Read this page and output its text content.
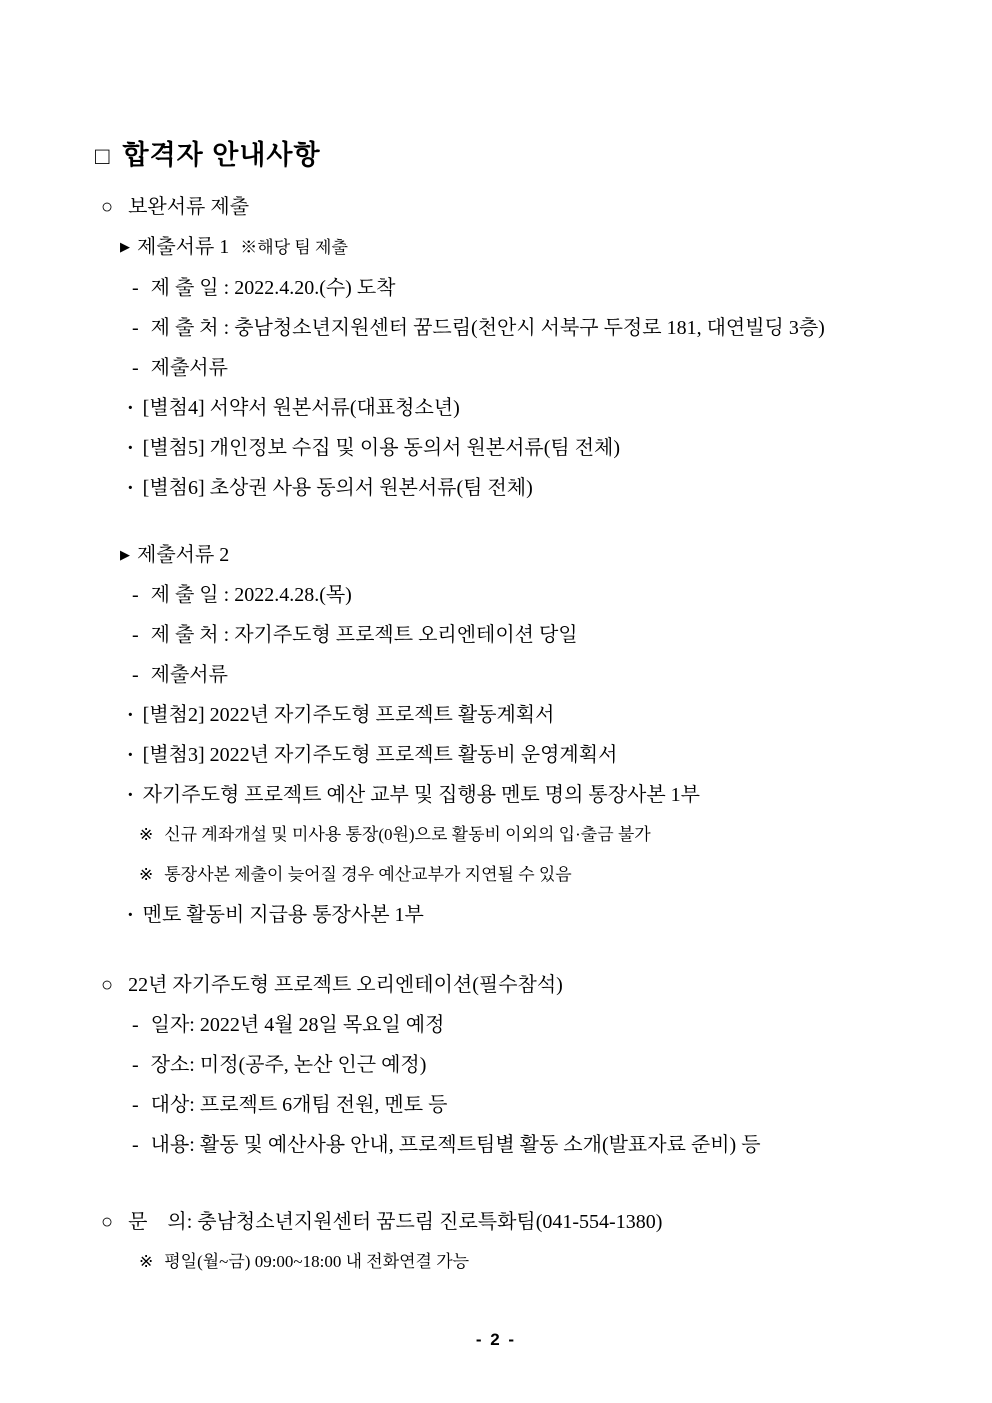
□ 합격자 안내사항
○ 보완서류 제출
▶ 제출서류 1 ※해당 팀 제출
- 제 출 일 : 2022.4.20.(수) 도착
- 제 출 처 : 충남청소년지원센터 꿈드림(천안시 서북구 두정로 181, 대연빌딩 3층)
- 제출서류
· [별첨4] 서약서 원본서류(대표청소년)
· [별첨5] 개인정보 수집 및 이용 동의서 원본서류(팀 전체)
· [별첨6] 초상권 사용 동의서 원본서류(팀 전체)
▶ 제출서류 2
- 제 출 일 : 2022.4.28.(목)
- 제 출 처 : 자기주도형 프로젝트 오리엔테이션 당일
- 제출서류
· [별첨2] 2022년 자기주도형 프로젝트 활동계획서
· [별첨3] 2022년 자기주도형 프로젝트 활동비 운영계획서
· 자기주도형 프로젝트 예산 교부 및 집행용 멘토 명의 통장사본 1부
※ 신규 계좌개설 및 미사용 통장(0원)으로 활동비 이외의 입·출금 불가
※ 통장사본 제출이 늦어질 경우 예산교부가 지연될 수 있음
· 멘토 활동비 지급용 통장사본 1부
○ 22년 자기주도형 프로젝트 오리엔테이션(필수참석)
- 일자: 2022년 4월 28일 목요일 예정
- 장소: 미정(공주, 논산 인근 예정)
- 대상: 프로젝트 6개팀 전원, 멘토 등
- 내용: 활동 및 예산사용 안내, 프로젝트팀별 활동 소개(발표자료 준비) 등
○ 문　의: 충남청소년지원센터 꿈드림 진로특화팀(041-554-1380)
※ 평일(월~금) 09:00~18:00 내 전화연결 가능
- 2 -
